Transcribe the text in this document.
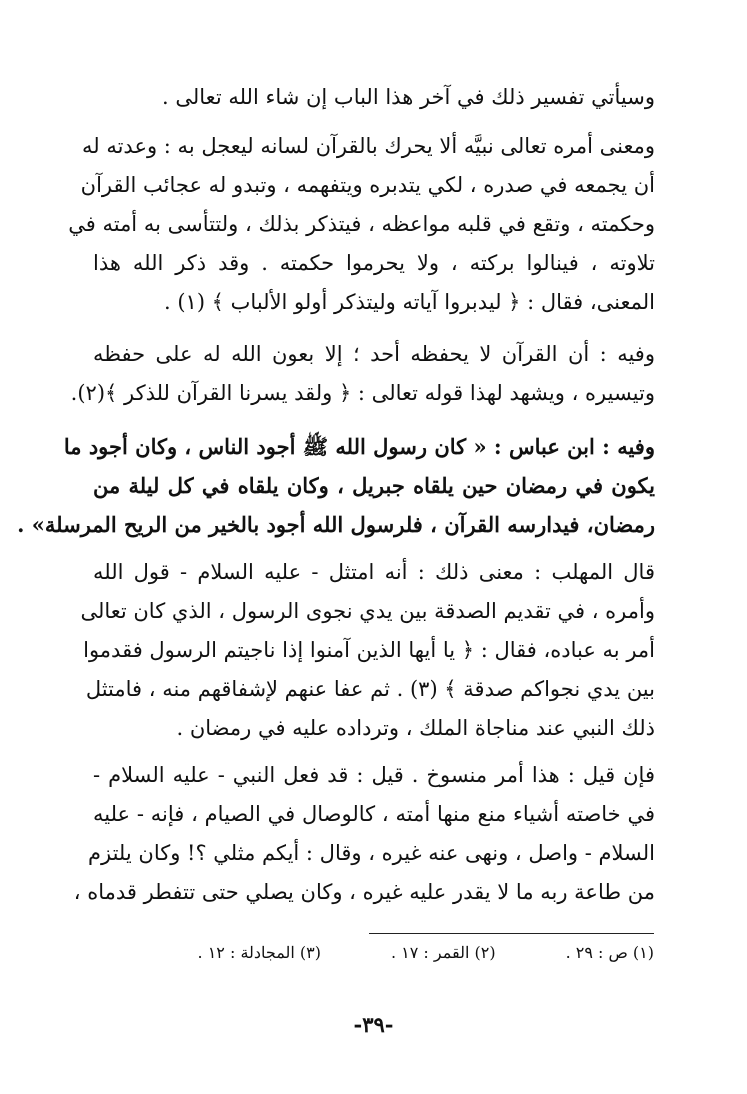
وسيأتي تفسير ذلك في آخر هذا الباب إن شاء الله تعالى .
ومعنى أمره تعالى نبيَّه ألا يحرك بالقرآن لسانه ليعجل به : وعدته له
أن يجمعه في صدره ، لكي يتدبره ويتفهمه ، وتبدو له عجائب القرآن
وحكمته ، وتقع في قلبه مواعظه ، فيتذكر بذلك ، ولتتأسى به أمته في
تلاوته ، فينالوا بركته ، ولا يحرموا حكمته . وقد ذكر الله هذا
المعنى، فقال : ﴿ ليدبروا آياته وليتذكر أولو الألباب ﴾ (١) .
وفيه : أن القرآن لا يحفظه أحد ؛ إلا بعون الله له على حفظه
وتيسيره ، ويشهد لهذا قوله تعالى : ﴿ ولقد يسرنا القرآن للذكر ﴾(٢).
وفيه : ابن عباس : « كان رسول الله ﷺ أجود الناس ، وكان أجود ما
يكون في رمضان حين يلقاه جبريل ، وكان يلقاه في كل ليلة من
رمضان، فيدارسه القرآن ، فلرسول الله أجود بالخير من الريح المرسلة» .
قال المهلب : معنى ذلك : أنه امتثل - عليه السلام - قول الله
وأمره ، في تقديم الصدقة بين يدي نجوى الرسول ، الذي كان تعالى
أمر به عباده، فقال : ﴿ يا أيها الذين آمنوا إذا ناجيتم الرسول فقدموا
بين يدي نجواكم صدقة ﴾ (٣) . ثم عفا عنهم لإشفاقهم منه ، فامتثل
ذلك النبي عند مناجاة الملك ، وترداده عليه في رمضان .
فإن قيل : هذا أمر منسوخ . قيل : قد فعل النبي - عليه السلام -
في خاصته أشياء منع منها أمته ، كالوصال في الصيام ، فإنه - عليه
السلام - واصل ، ونهى عنه غيره ، وقال : أيكم مثلي ؟! وكان يلتزم
من طاعة ربه ما لا يقدر عليه غيره ، وكان يصلي حتى تتفطر قدماه ،
(١) ص : ٢٩ .
(٢) القمر : ١٧ .
(٣) المجادلة : ١٢ .
-٣٩-
